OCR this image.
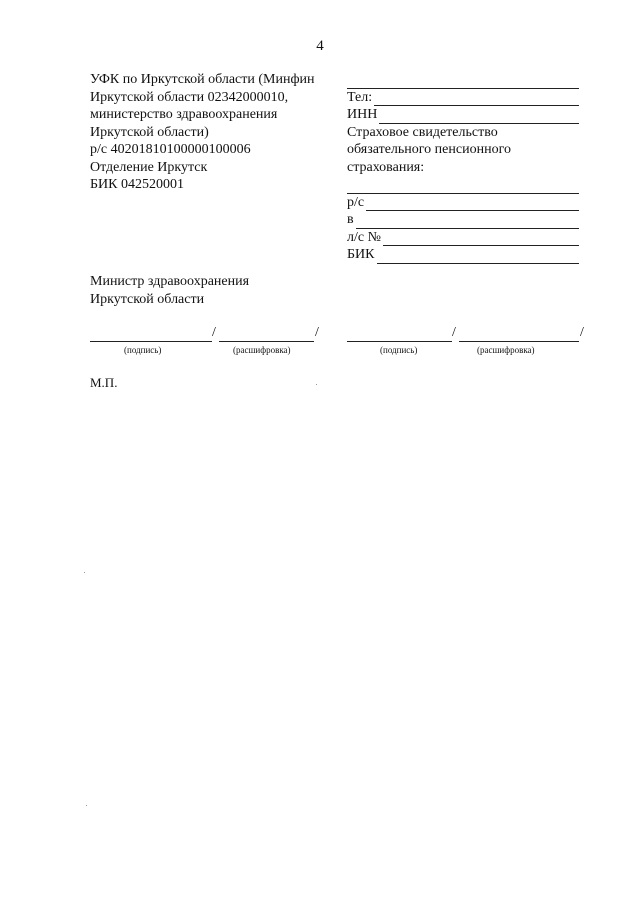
4
УФК по Иркутской области (Минфин
Иркутской области 02342000010,
министерство здравоохранения
Иркутской области)
р/с 40201810100000100006
Отделение Иркутск
БИК 042520001
Тел:
ИНН
Страховое свидетельство
обязательного пенсионного
страхования:
р/с
в
л/с №
БИК
Министр здравоохранения
Иркутской области
/	/
(подпись)	(расшифровка)
/	/
(подпись)	(расшифровка)
М.П.
